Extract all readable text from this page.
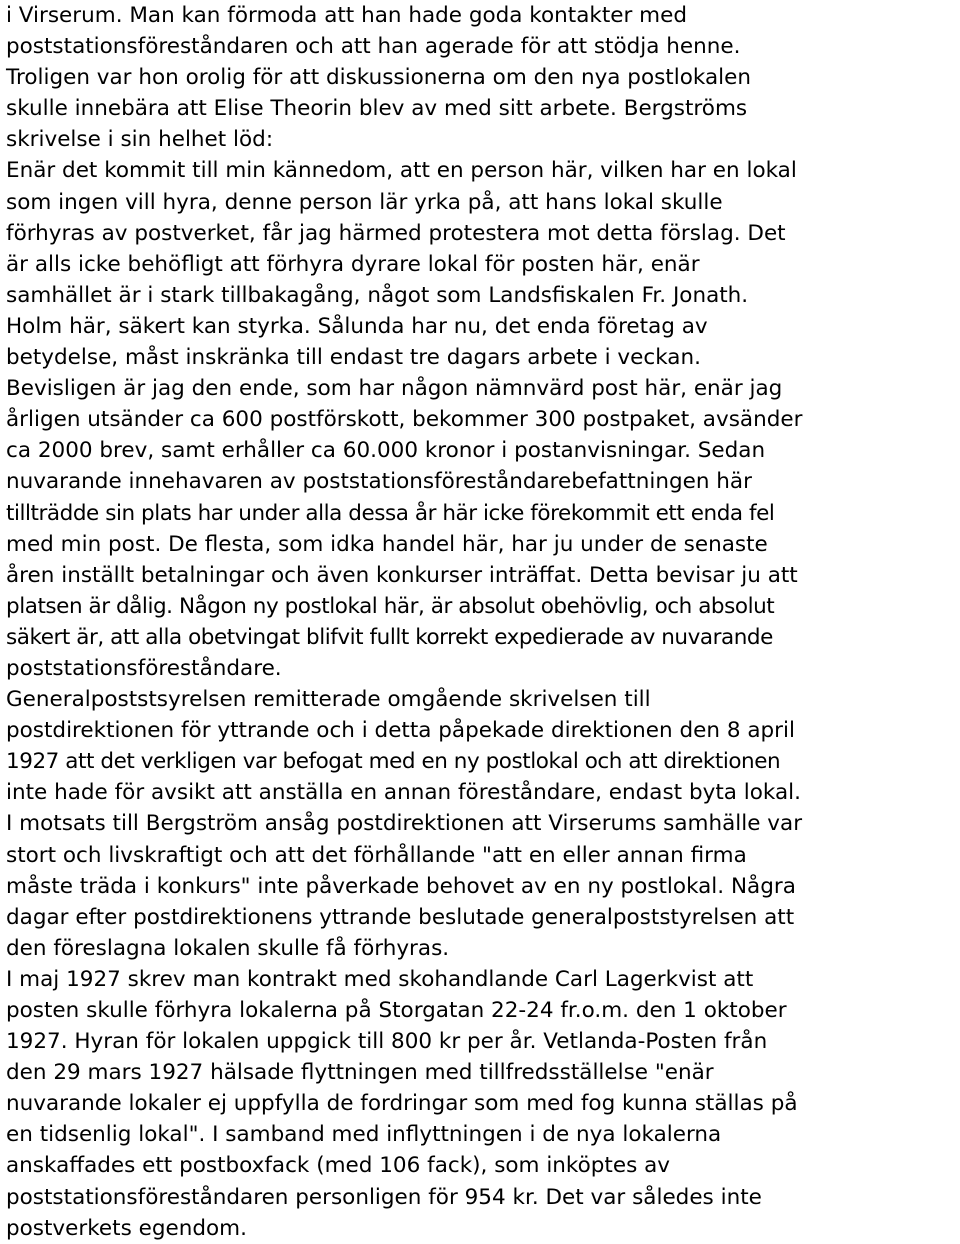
i Virserum. Man kan förmoda att han hade goda kontakter med
poststationsföreståndaren och att han agerade för att stödja henne.
Troligen var hon orolig för att diskussionerna om den nya postlokalen
skulle innebära att Elise Theorin blev av med sitt arbete. Bergströms
skrivelse i sin helhet löd:
Enär det kommit till min kännedom, att en person här, vilken har en lokal
som ingen vill hyra, denne person lär yrka på, att hans lokal skulle
förhyras av postverket, får jag härmed protestera mot detta förslag. Det
är alls icke behöfligt att förhyra dyrare lokal för posten här, enär
samhället är i stark tillbakagång, något som Landsfiskalen Fr. Jonath.
Holm här, säkert kan styrka. Sålunda har nu, det enda företag av
betydelse, måst inskränka till endast tre dagars arbete i veckan.
Bevisligen är jag den ende, som har någon nämnvärd post här, enär jag
årligen utsänder ca 600 postförskott, bekommer 300 postpaket, avsänder
ca 2000 brev, samt erhåller ca 60.000 kronor i postanvisningar. Sedan
nuvarande innehavaren av poststationsföreståndarebefattningen här
tillträdde sin plats har under alla dessa år här icke förekommit ett enda fel
med min post. De flesta, som idka handel här, har ju under de senaste
åren inställt betalningar och även konkurser inträffat. Detta bevisar ju att
platsen är dålig. Någon ny postlokal här, är absolut obehövlig, och absolut
säkert är, att alla obetvingat blifvit fullt korrekt expedierade av nuvarande
poststationsföreståndare.
Generalpoststsyrelsen remitterade omgående skrivelsen till
postdirektionen för yttrande och i detta påpekade direktionen den 8 april
1927 att det verkligen var befogat med en ny postlokal och att direktionen
inte hade för avsikt att anställa en annan föreståndare, endast byta lokal.
I motsats till Bergström ansåg postdirektionen att Virserums samhälle var
stort och livskraftigt och att det förhållande "att en eller annan firma
måste träda i konkurs" inte påverkade behovet av en ny postlokal. Några
dagar efter postdirektionens yttrande beslutade generalpoststyrelsen att
den föreslagna lokalen skulle få förhyras.
I maj 1927 skrev man kontrakt med skohandlande Carl Lagerkvist att
posten skulle förhyra lokalerna på Storgatan 22-24 fr.o.m. den 1 oktober
1927. Hyran för lokalen uppgick till 800 kr per år. Vetlanda-Posten från
den 29 mars 1927 hälsade flyttningen med tillfredsställelse "enär
nuvarande lokaler ej uppfylla de fordringar som med fog kunna ställas på
en tidsenlig lokal". I samband med inflyttningen i de nya lokalerna
anskaffades ett postboxfack (med 106 fack), som inköptes av
poststationsföreståndaren personligen för 954 kr. Det var således inte
postverkets egendom.
